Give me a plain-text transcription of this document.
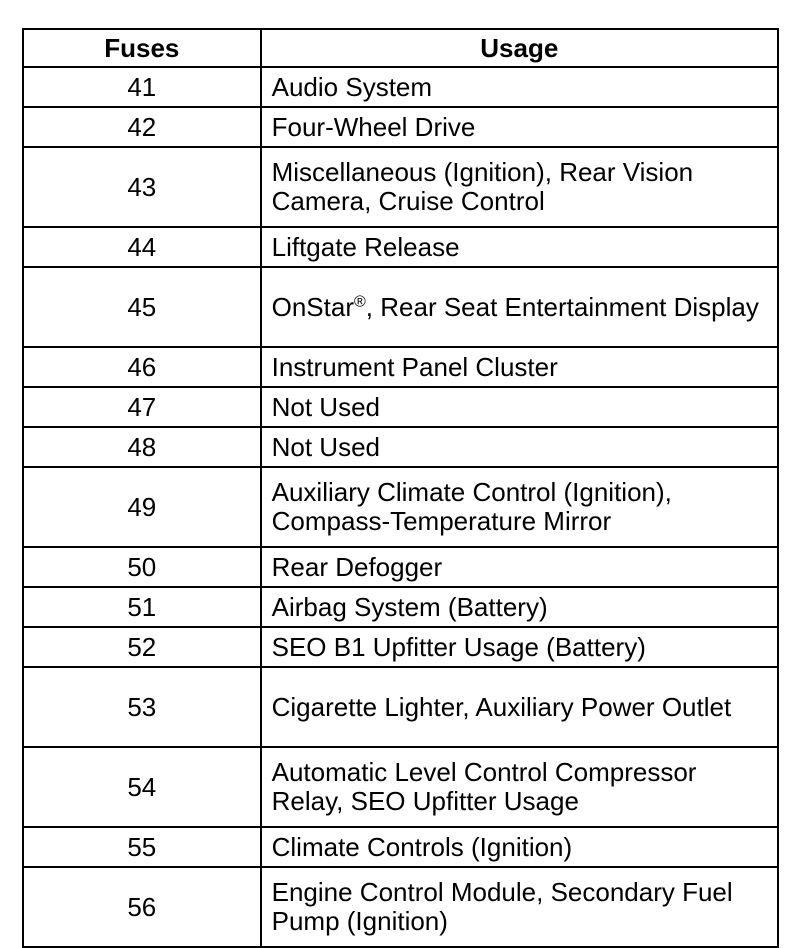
Fuses	Usage
41	Audio System
42	Four-Wheel Drive
43	Miscellaneous (Ignition), Rear Vision Camera, Cruise Control
44	Liftgate Release
45	OnStar®, Rear Seat Entertainment Display
46	Instrument Panel Cluster
47	Not Used
48	Not Used
49	Auxiliary Climate Control (Ignition), Compass-Temperature Mirror
50	Rear Defogger
51	Airbag System (Battery)
52	SEO B1 Upfitter Usage (Battery)
53	Cigarette Lighter, Auxiliary Power Outlet
54	Automatic Level Control Compressor Relay, SEO Upfitter Usage
55	Climate Controls (Ignition)
56	Engine Control Module, Secondary Fuel Pump (Ignition)
